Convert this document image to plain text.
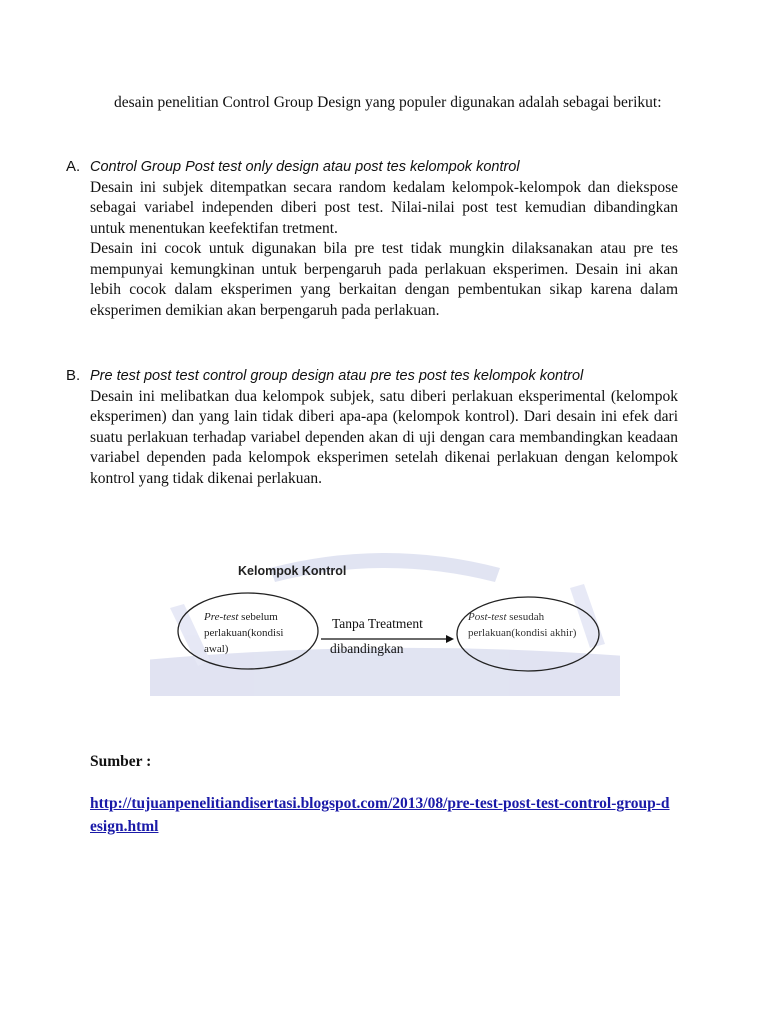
desain penelitian Control Group Design yang populer digunakan adalah sebagai berikut:
A. Control Group Post test only design atau post tes kelompok kontrol

Desain ini subjek ditempatkan secara random kedalam kelompok-kelompok dan diekspose sebagai variabel independen diberi post test. Nilai-nilai post test kemudian dibandingkan untuk menentukan keefektifan tretment.

Desain ini cocok untuk digunakan bila pre test tidak mungkin dilaksanakan atau pre tes mempunyai kemungkinan untuk berpengaruh pada perlakuan eksperimen. Desain ini akan lebih cocok dalam eksperimen yang berkaitan dengan pembentukan sikap karena dalam eksperimen demikian akan berpengaruh pada perlakuan.

B. Pre test post test control group design atau pre tes post tes kelompok kontrol

Desain ini melibatkan dua kelompok subjek, satu diberi perlakuan eksperimental (kelompok eksperimen) dan yang lain tidak diberi apa-apa (kelompok kontrol). Dari desain ini efek dari suatu perlakuan terhadap variabel dependen akan di uji dengan cara membandingkan keadaan variabel dependen pada kelompok eksperimen setelah dikenai perlakuan dengan kelompok kontrol yang tidak dikenai perlakuan.

Kelompok Kontrol
Pre-test sebelum perlakuan(kondisi awal)
Tanpa Treatment
dibandingkan
Post-test sesudah perlakuan(kondisi akhir)
Sumber :
http://tujuanpenelitiandisertasi.blogspot.com/2013/08/pre-test-post-test-control-group-design.html
